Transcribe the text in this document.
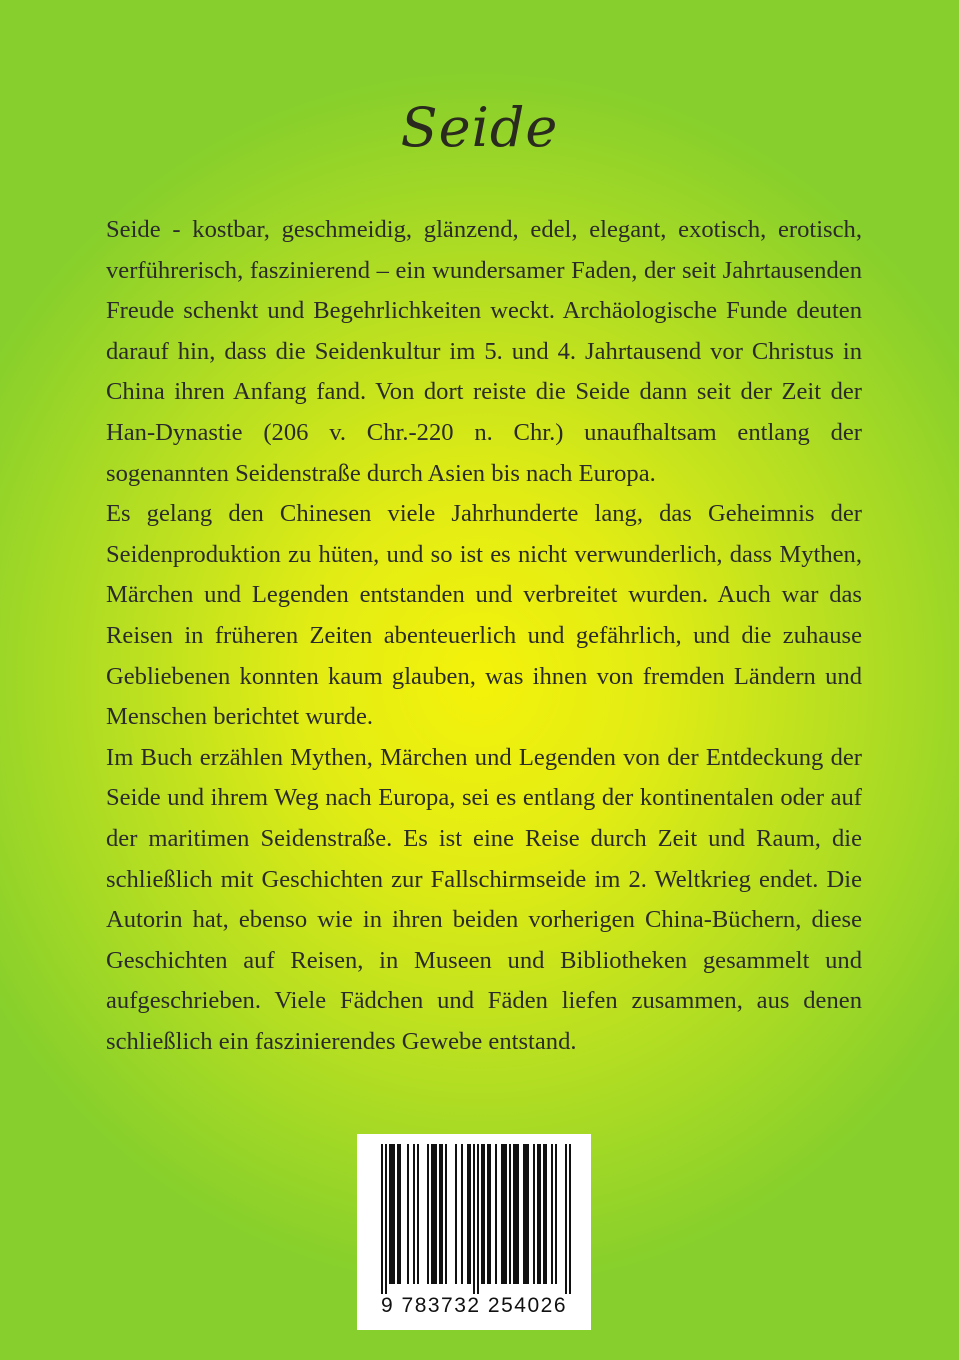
Seide

Seide - kostbar, geschmeidig, glänzend, edel, elegant, exotisch, erotisch, verführerisch, faszinierend – ein wundersamer Faden, der seit Jahrtausenden Freude schenkt und Begehrlichkeiten weckt. Archäologische Funde deuten darauf hin, dass die Seidenkultur im 5. und 4. Jahrtausend vor Christus in China ihren Anfang fand. Von dort reiste die Seide dann seit der Zeit der Han-Dynastie (206 v. Chr.-220 n. Chr.) unaufhaltsam entlang der sogenannten Seidenstraße durch Asien bis nach Europa.

Es gelang den Chinesen viele Jahrhunderte lang, das Geheimnis der Seidenproduktion zu hüten, und so ist es nicht verwunderlich, dass Mythen, Märchen und Legenden entstanden und verbreitet wurden. Auch war das Reisen in früheren Zeiten abenteuerlich und gefährlich, und die zuhause Gebliebenen konnten kaum glauben, was ihnen von fremden Ländern und Menschen berichtet wurde.

Im Buch erzählen Mythen, Märchen und Legenden von der Entdeckung der Seide und ihrem Weg nach Europa, sei es entlang der kontinentalen oder auf der maritimen Seidenstraße. Es ist eine Reise durch Zeit und Raum, die schließlich mit Geschichten zur Fallschirmseide im 2. Weltkrieg endet. Die Autorin hat, ebenso wie in ihren beiden vorherigen China-Büchern, diese Geschichten auf Reisen, in Museen und Bibliotheken gesammelt und aufgeschrieben. Viele Fädchen und Fäden liefen zusammen, aus denen schließlich ein faszinierendes Gewebe entstand.

9 783732 254026
